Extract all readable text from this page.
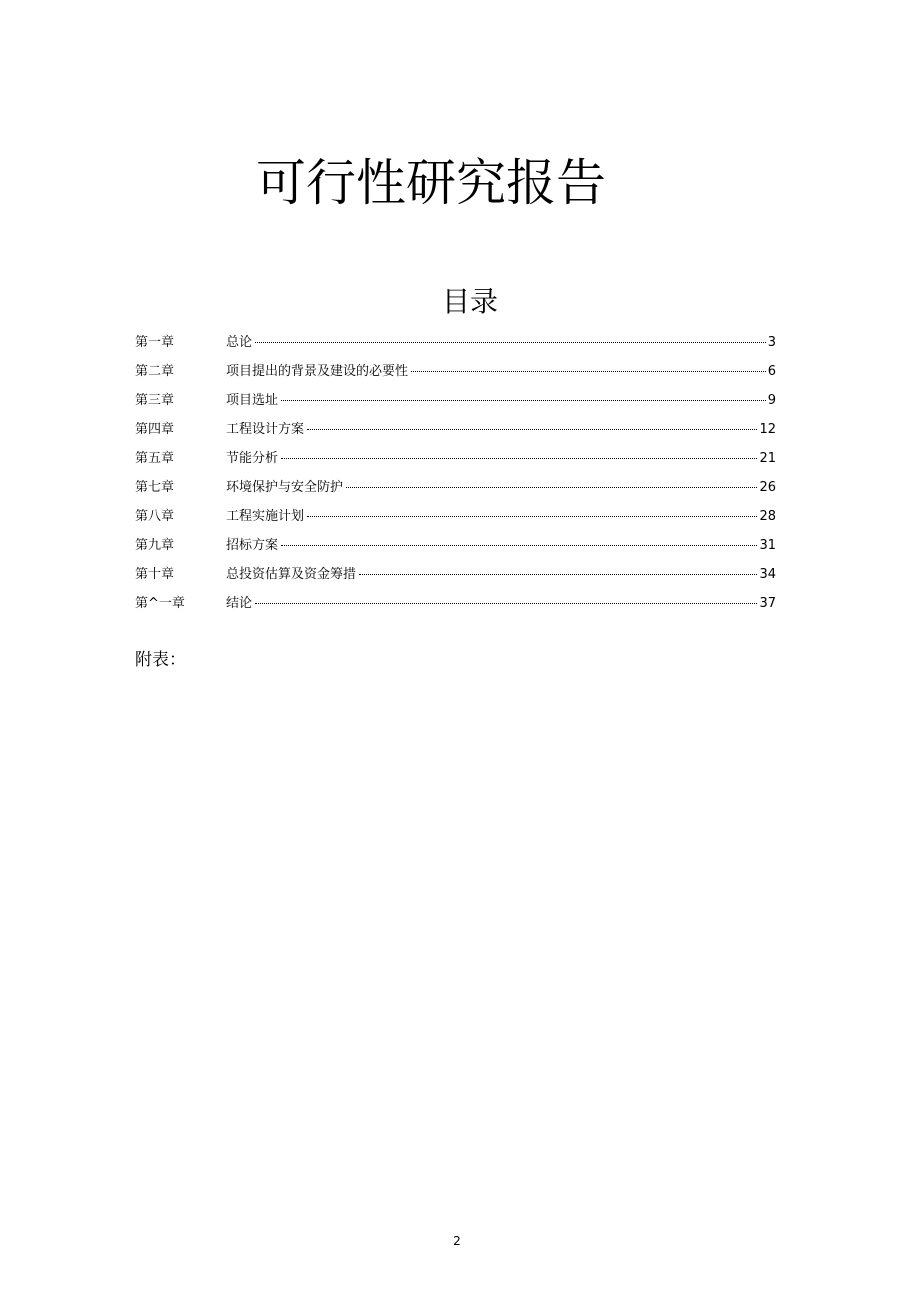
可行性研究报告
目录
第一章	总论	3
第二章	项目提出的背景及建设的必要性	6
第三章	项目选址	9
第四章	工程设计方案	12
第五章	节能分析	21
第七章	环境保护与安全防护	26
第八章	工程实施计划	28
第九章	招标方案	31
第十章	总投资估算及资金筹措	34
第^一章	结论	37
附表：
2
